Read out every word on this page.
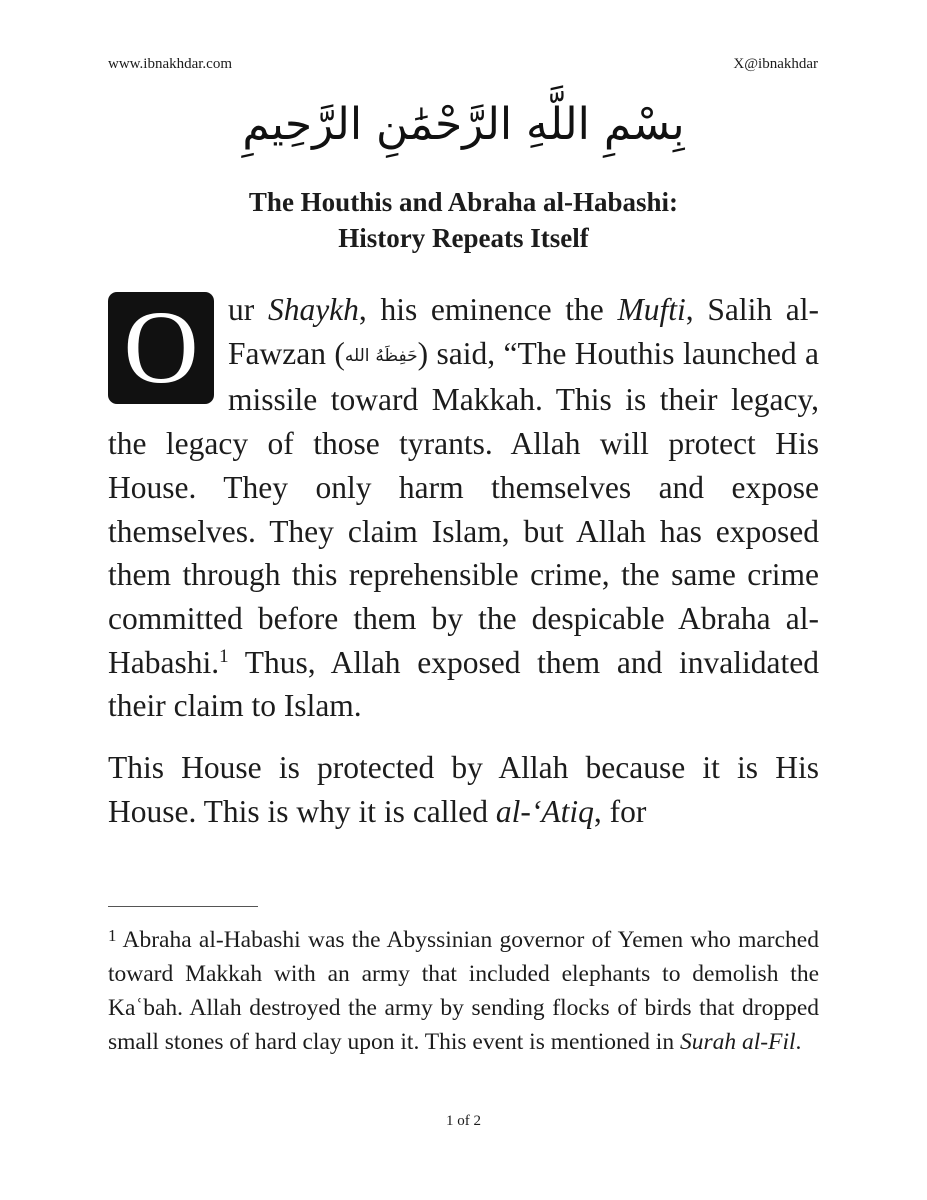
www.ibnakhdar.com	X@ibnakhdar
بِسْمِ اللَّهِ الرَّحْمَٰنِ الرَّحِيمِ
The Houthis and Abraha al-Habashi:
History Repeats Itself

O ur Shaykh, his eminence the Mufti, Salih al-Fawzan (حَفِظَهُ الله) said, “The Houthis launched a missile toward Makkah. This is their legacy, the legacy of those tyrants. Allah will protect His House. They only harm themselves and expose themselves. They claim Islam, but Allah has exposed them through this reprehensible crime, the same crime committed before them by the despicable Abraha al-Habashi.$^1$ Thus, Allah exposed them and invalidated their claim to Islam.

This House is protected by Allah because it is His House. This is why it is called al-‘Atiq, for

$^1$ Abraha al-Habashi was the Abyssinian governor of Yemen who marched toward Makkah with an army that included elephants to demolish the Kaʿbah. Allah destroyed the army by sending flocks of birds that dropped small stones of hard clay upon it. This event is mentioned in Surah al-Fil.
1 of 2
